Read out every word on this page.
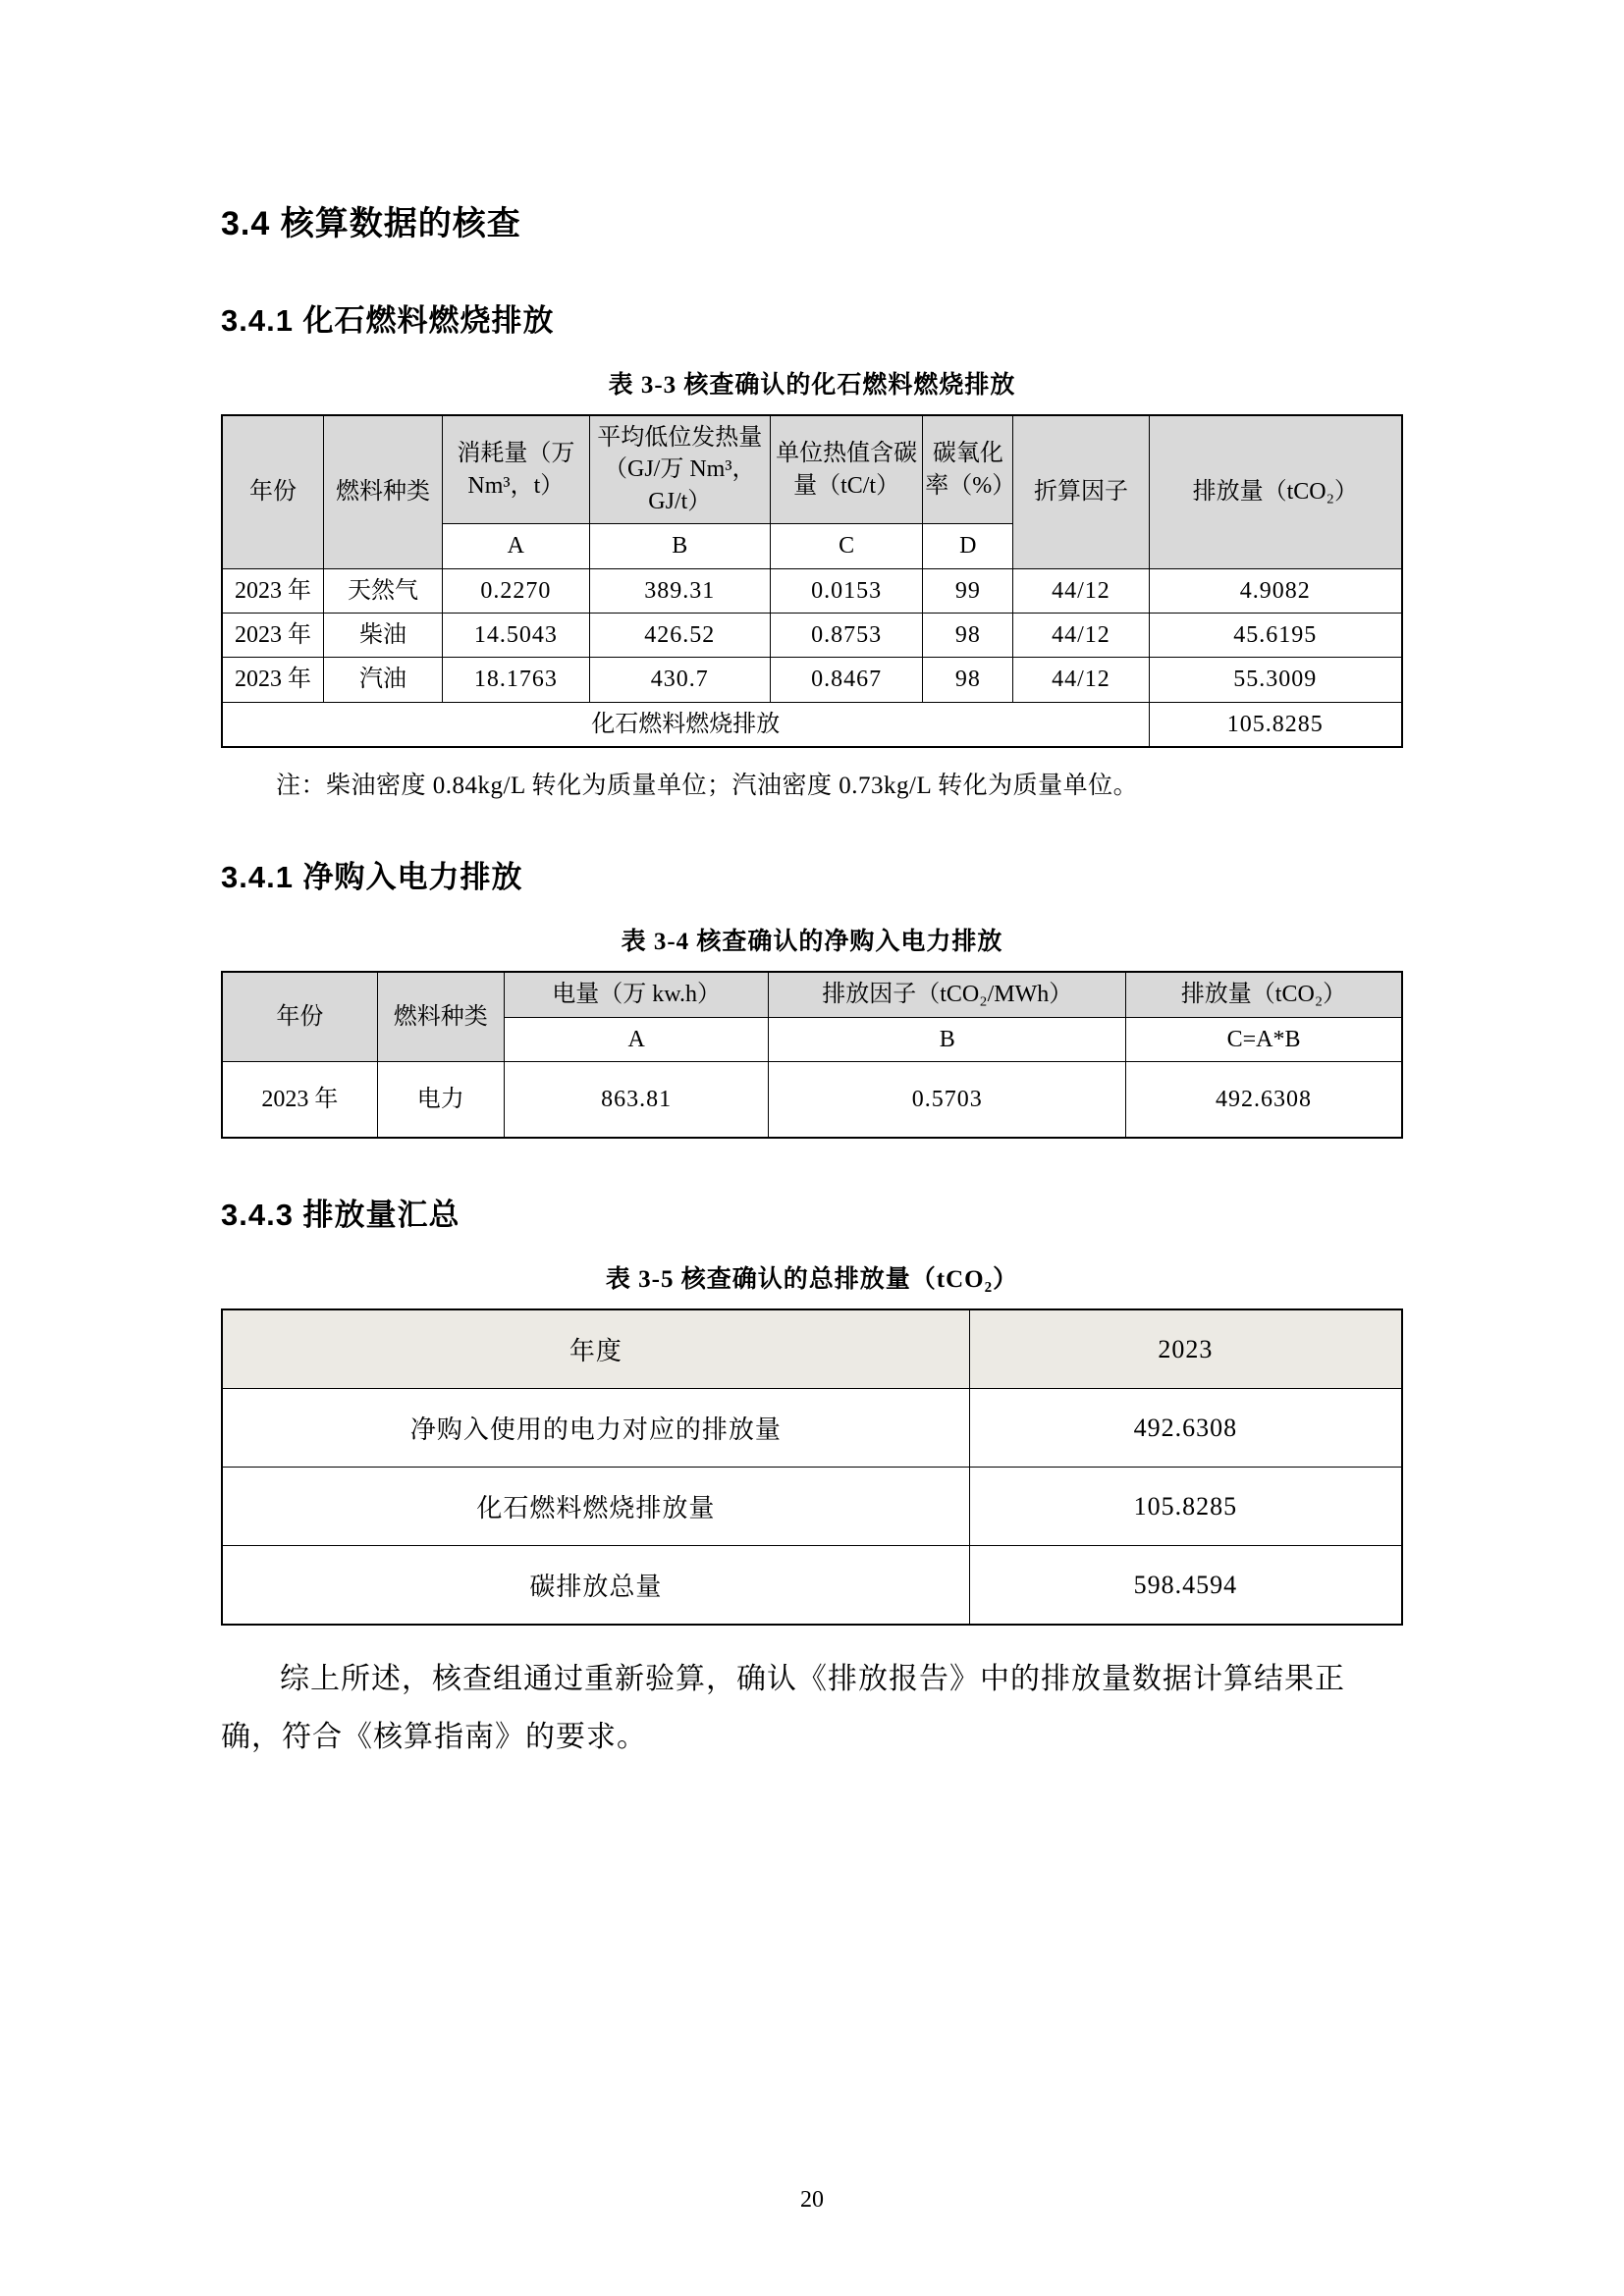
3.4 核算数据的核查
3.4.1 化石燃料燃烧排放
表 3-3 核查确认的化石燃料燃烧排放
年份	燃料种类	消耗量（万 Nm³，t）	平均低位发热量（GJ/万 Nm³，GJ/t）	单位热值含碳量（tC/t）	碳氧化率（%）	折算因子	排放量（tCO₂）
		A	B	C	D		
2023 年	天然气	0.2270	389.31	0.0153	99	44/12	4.9082
2023 年	柴油	14.5043	426.52	0.8753	98	44/12	45.6195
2023 年	汽油	18.1763	430.7	0.8467	98	44/12	55.3009
化石燃料燃烧排放							105.8285

注：柴油密度 0.84kg/L 转化为质量单位；汽油密度 0.73kg/L 转化为质量单位。

3.4.1 净购入电力排放
表 3-4 核查确认的净购入电力排放
年份	燃料种类	电量（万 kw.h）	排放因子（tCO₂/MWh）	排放量（tCO₂）
		A	B	C=A*B
2023 年	电力	863.81	0.5703	492.6308
3.4.3 排放量汇总
表 3-5 核查确认的总排放量（tCO₂）
年度	2023
净购入使用的电力对应的排放量	492.6308
化石燃料燃烧排放量	105.8285
碳排放总量	598.4594

综上所述，核查组通过重新验算，确认《排放报告》中的排放量数据计算结果正确，符合《核算指南》的要求。

20
